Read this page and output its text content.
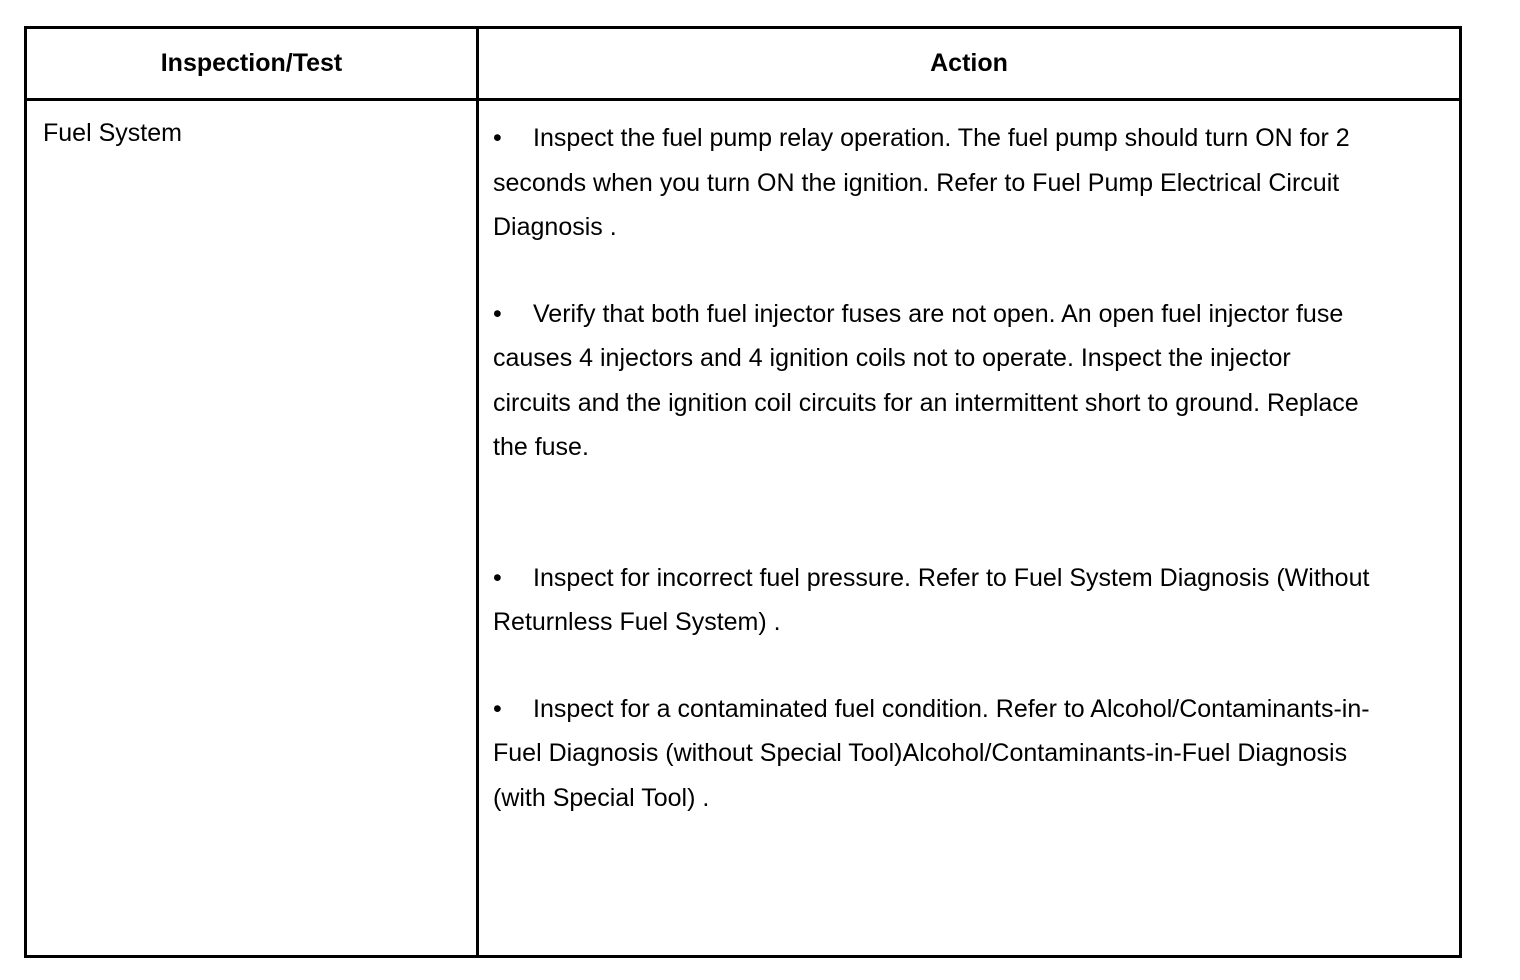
Inspection/Test	Action
Fuel System	• Inspect the fuel pump relay operation. The fuel pump should turn ON for 2 seconds when you turn ON the ignition. Refer to Fuel Pump Electrical Circuit Diagnosis .

• Verify that both fuel injector fuses are not open. An open fuel injector fuse causes 4 injectors and 4 ignition coils not to operate. Inspect the injector circuits and the ignition coil circuits for an intermittent short to ground. Replace the fuse.

• Inspect for incorrect fuel pressure. Refer to Fuel System Diagnosis (Without Returnless Fuel System) .

• Inspect for a contaminated fuel condition. Refer to Alcohol/Contaminants-in-Fuel Diagnosis (without Special Tool)Alcohol/Contaminants-in-Fuel Diagnosis (with Special Tool) .
